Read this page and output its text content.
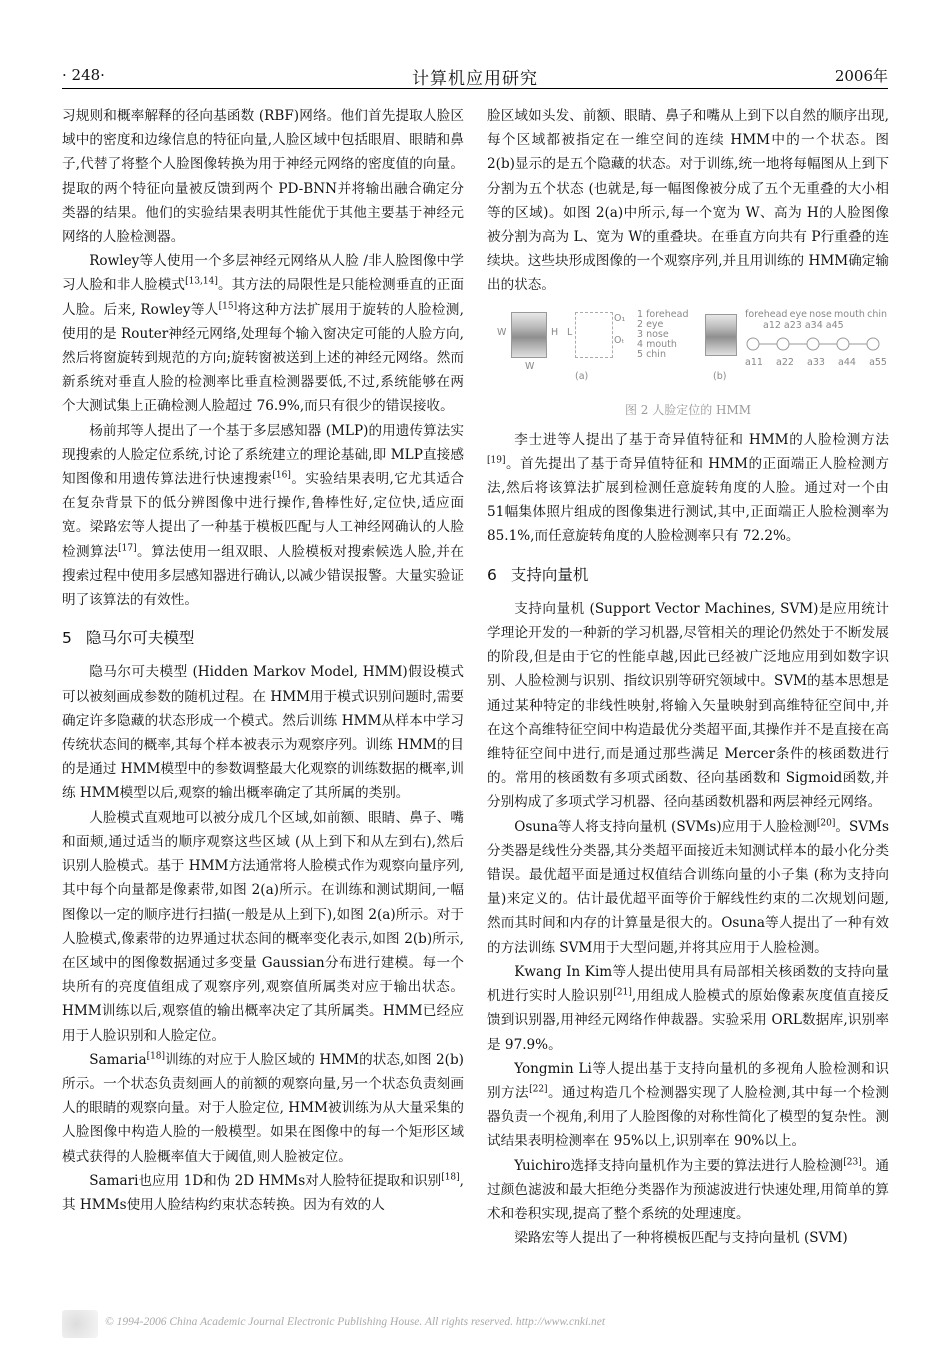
· 248·	计算机应用研究	2006年

习规则和概率解释的径向基函数 (RBF)网络。他们首先提取人脸区域中的密度和边缘信息的特征向量,人脸区域中包括眼眉、眼睛和鼻子,代替了将整个人脸图像转换为用于神经元网络的密度值的向量。提取的两个特征向量被反馈到两个 PD-BNN并将输出融合确定分类器的结果。他们的实验结果表明其性能优于其他主要基于神经元网络的人脸检测器。

Rowley等人使用一个多层神经元网络从人脸 /非人脸图像中学习人脸和非人脸模式[13,14]。其方法的局限性是只能检测垂直的正面人脸。后来, Rowley等人[15]将这种方法扩展用于旋转的人脸检测,使用的是 Router神经元网络,处理每个输入窗决定可能的人脸方向,然后将窗旋转到规范的方向;旋转窗被送到上述的神经元网络。然而新系统对垂直人脸的检测率比垂直检测器要低,不过,系统能够在两个大测试集上正确检测人脸超过 76.9%,而只有很少的错误接收。

杨前邦等人提出了一个基于多层感知器 (MLP)的用遗传算法实现搜索的人脸定位系统,讨论了系统建立的理论基础,即 MLP直接感知图像和用遗传算法进行快速搜索[16]。实验结果表明,它尤其适合在复杂背景下的低分辨图像中进行操作,鲁棒性好,定位快,适应面宽。梁路宏等人提出了一种基于模板匹配与人工神经网确认的人脸检测算法[17]。算法使用一组双眼、人脸模板对搜索候选人脸,并在搜索过程中使用多层感知器进行确认,以减少错误报警。大量实验证明了该算法的有效性。

5 隐马尔可夫模型

隐马尔可夫模型 (Hidden Markov Model, HMM)假设模式可以被刻画成参数的随机过程。在 HMM用于模式识别问题时,需要确定许多隐藏的状态形成一个模式。然后训练 HMM从样本中学习传统状态间的概率,其每个样本被表示为观察序列。训练 HMM的目的是通过 HMM模型中的参数调整最大化观察的训练数据的概率,训练 HMM模型以后,观察的输出概率确定了其所属的类别。

人脸模式直观地可以被分成几个区域,如前额、眼睛、鼻子、嘴和面颊,通过适当的顺序观察这些区域 (从上到下和从左到右),然后识别人脸模式。基于 HMM方法通常将人脸模式作为观察向量序列,其中每个向量都是像素带,如图 2(a)所示。在训练和测试期间,一幅图像以一定的顺序进行扫描(一般是从上到下),如图 2(a)所示。对于人脸模式,像素带的边界通过状态间的概率变化表示,如图 2(b)所示,在区域中的图像数据通过多变量 Gaussian分布进行建模。每一个块所有的亮度值组成了观察序列,观察值所属类对应于输出状态。HMM训练以后,观察值的输出概率决定了其所属类。HMM已经应用于人脸识别和人脸定位。

Samaria[18]训练的对应于人脸区域的 HMM的状态,如图 2(b)所示。一个状态负责刻画人的前额的观察向量,另一个状态负责刻画人的眼睛的观察向量。对于人脸定位, HMM被训练为从大量采集的人脸图像中构造人脸的一般模型。如果在图像中的每一个矩形区域模式获得的人脸概率值大于阈值,则人脸被定位。

Samari也应用 1D和伪 2D HMMs对人脸特征提取和识别[18],其 HMMs使用人脸结构约束状态转换。因为有效的人

脸区域如头发、前额、眼睛、鼻子和嘴从上到下以自然的顺序出现,每个区域都被指定在一维空间的连续 HMM中的一个状态。图 2(b)显示的是五个隐藏的状态。对于训练,统一地将每幅图从上到下分割为五个状态 (也就是,每一幅图像被分成了五个无重叠的大小相等的区域)。如图 2(a)中所示,每一个宽为 W、高为 H的人脸图像被分割为高为 L、宽为 W的重叠块。在垂直方向共有 P行重叠的连续块。这些块形成图像的一个观察序列,并且用训练的 HMM确定输出的状态。

W	H
W
O₁
Oₜ
L
1 forehead
2 eye
3 nose
4 mouth
5 chin
(a)
forehead eye nose mouth chin
a12 a23 a34 a45
a11 a22 a33 a44 a55
(b)
图 2 人脸定位的 HMM

李士进等人提出了基于奇异值特征和 HMM的人脸检测方法[19]。首先提出了基于奇异值特征和 HMM的正面端正人脸检测方法,然后将该算法扩展到检测任意旋转角度的人脸。通过对一个由 51幅集体照片组成的图像集进行测试,其中,正面端正人脸检测率为 85.1%,而任意旋转角度的人脸检测率只有 72.2%。

6 支持向量机

支持向量机 (Support Vector Machines, SVM)是应用统计学理论开发的一种新的学习机器,尽管相关的理论仍然处于不断发展的阶段,但是由于它的性能卓越,因此已经被广泛地应用到如数字识别、人脸检测与识别、指纹识别等研究领域中。SVM的基本思想是通过某种特定的非线性映射,将输入矢量映射到高维特征空间中,并在这个高维特征空间中构造最优分类超平面,其操作并不是直接在高维特征空间中进行,而是通过那些满足 Mercer条件的核函数进行的。常用的核函数有多项式函数、径向基函数和 Sigmoid函数,并分别构成了多项式学习机器、径向基函数机器和两层神经元网络。

Osuna等人将支持向量机 (SVMs)应用于人脸检测[20]。SVMs分类器是线性分类器,其分类超平面接近未知测试样本的最小化分类错误。最优超平面是通过权值结合训练向量的小子集 (称为支持向量)来定义的。估计最优超平面等价于解线性约束的二次规划问题,然而其时间和内存的计算量是很大的。Osuna等人提出了一种有效的方法训练 SVM用于大型问题,并将其应用于人脸检测。

Kwang In Kim等人提出使用具有局部相关核函数的支持向量机进行实时人脸识别[21],用组成人脸模式的原始像素灰度值直接反馈到识别器,用神经元网络作伸裁器。实验采用 ORL数据库,识别率是 97.9%。

Yongmin Li等人提出基于支持向量机的多视角人脸检测和识别方法[22]。通过构造几个检测器实现了人脸检测,其中每一个检测器负责一个视角,利用了人脸图像的对称性简化了模型的复杂性。测试结果表明检测率在 95%以上,识别率在 90%以上。

Yuichiro选择支持向量机作为主要的算法进行人脸检测[23]。通过颜色滤波和最大拒绝分类器作为预滤波进行快速处理,用简单的算术和卷积实现,提高了整个系统的处理速度。

梁路宏等人提出了一种将模板匹配与支持向量机 (SVM)

© 1994-2006 China Academic Journal Electronic Publishing House. All rights reserved. http://www.cnki.net
